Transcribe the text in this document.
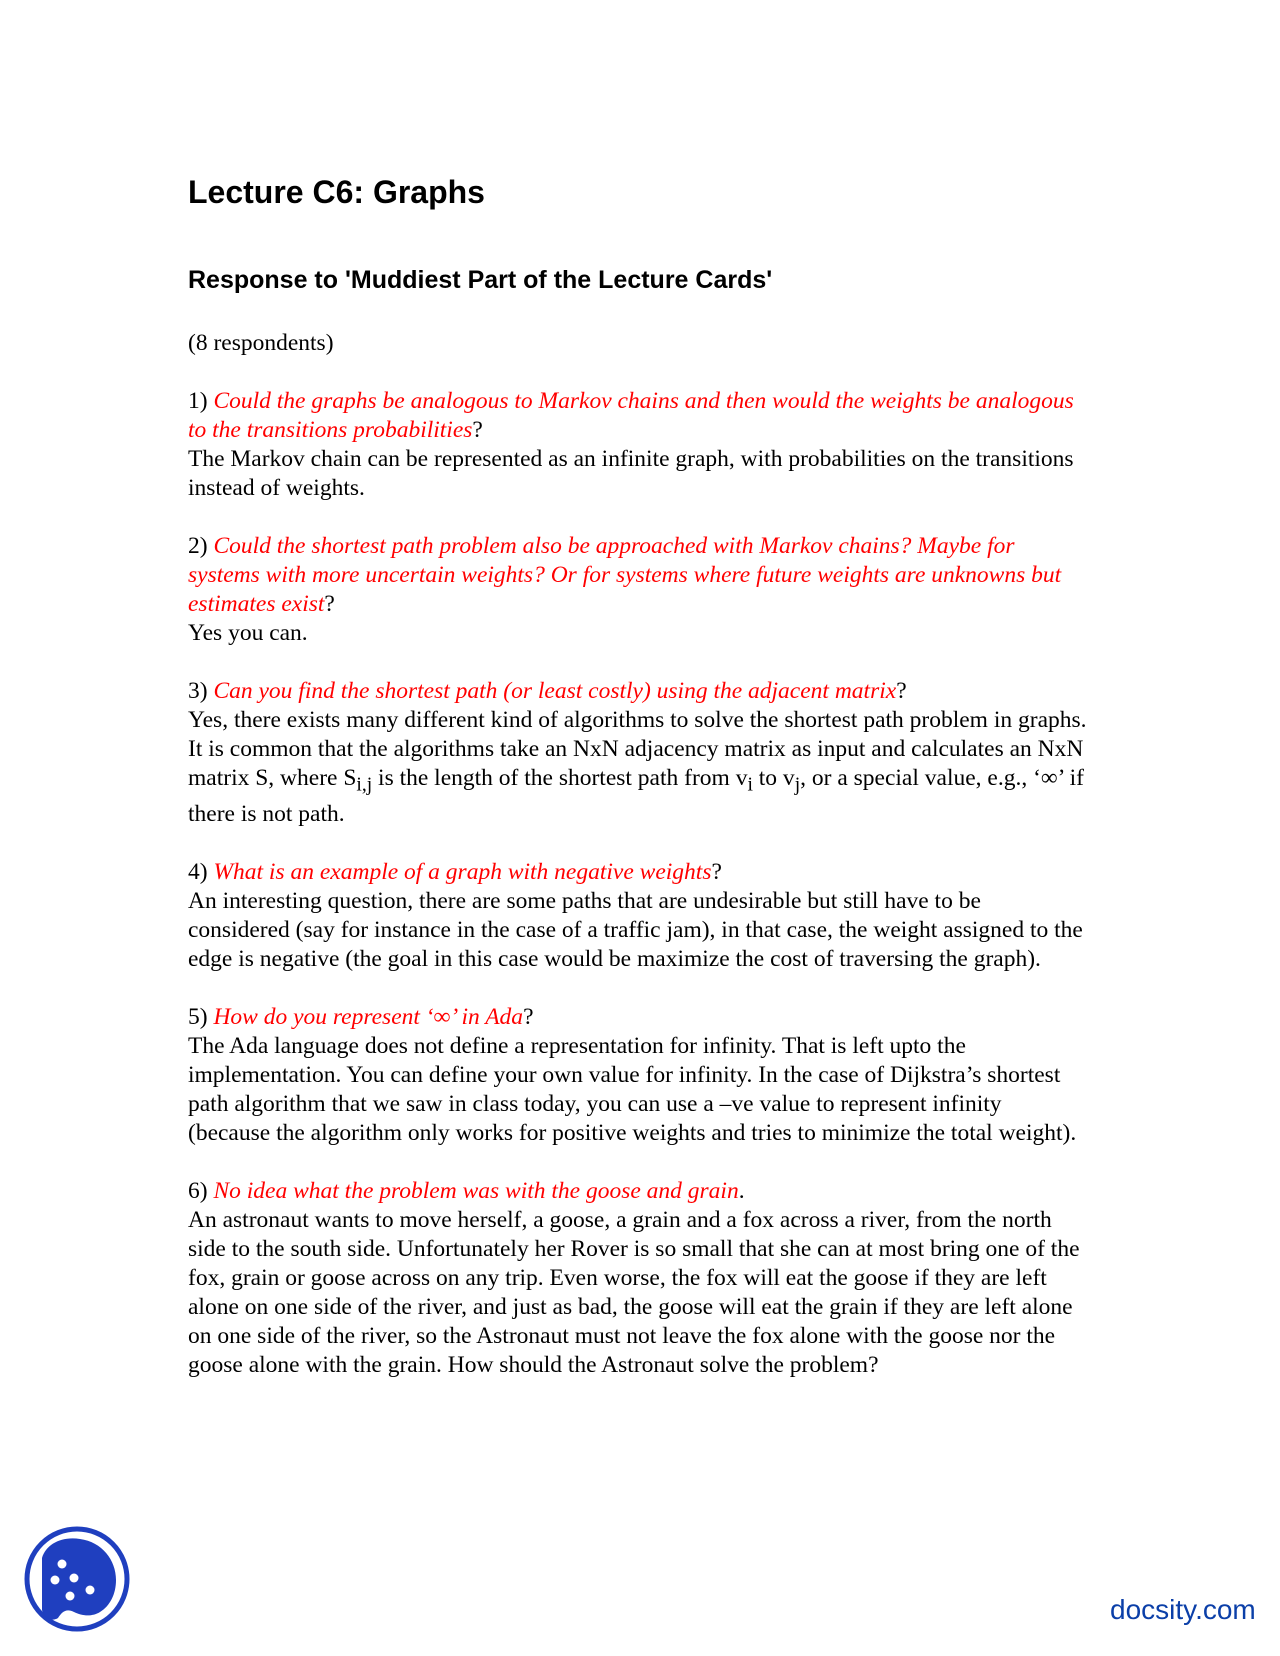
Lecture C6: Graphs
Response to 'Muddiest Part of the Lecture Cards'

(8 respondents)

1) Could the graphs be analogous to Markov chains and then would the weights be analogous to the transitions probabilities?

The Markov chain can be represented as an infinite graph, with probabilities on the transitions instead of weights.

2) Could the shortest path problem also be approached with Markov chains? Maybe for systems with more uncertain weights? Or for systems where future weights are unknowns but estimates exist?

Yes you can.

3) Can you find the shortest path (or least costly) using the adjacent matrix?

Yes, there exists many different kind of algorithms to solve the shortest path problem in graphs. It is common that the algorithms take an NxN adjacency matrix as input and calculates an NxN matrix S, where $S_{i,j}$ is the length of the shortest path from $v_i$ to $v_j$, or a special value, e.g., ‘∞’ if there is not path.

4) What is an example of a graph with negative weights?

An interesting question, there are some paths that are undesirable but still have to be considered (say for instance in the case of a traffic jam), in that case, the weight assigned to the edge is negative (the goal in this case would be maximize the cost of traversing the graph).

5) How do you represent ‘∞’ in Ada?

The Ada language does not define a representation for infinity. That is left upto the implementation. You can define your own value for infinity. In the case of Dijkstra’s shortest path algorithm that we saw in class today, you can use a –ve value to represent infinity (because the algorithm only works for positive weights and tries to minimize the total weight).

6) No idea what the problem was with the goose and grain.

An astronaut wants to move herself, a goose, a grain and a fox across a river, from the north side to the south side. Unfortunately her Rover is so small that she can at most bring one of the fox, grain or goose across on any trip. Even worse, the fox will eat the goose if they are left alone on one side of the river, and just as bad, the goose will eat the grain if they are left alone on one side of the river, so the Astronaut must not leave the fox alone with the goose nor the goose alone with the grain. How should the Astronaut solve the problem?

docsity.com
